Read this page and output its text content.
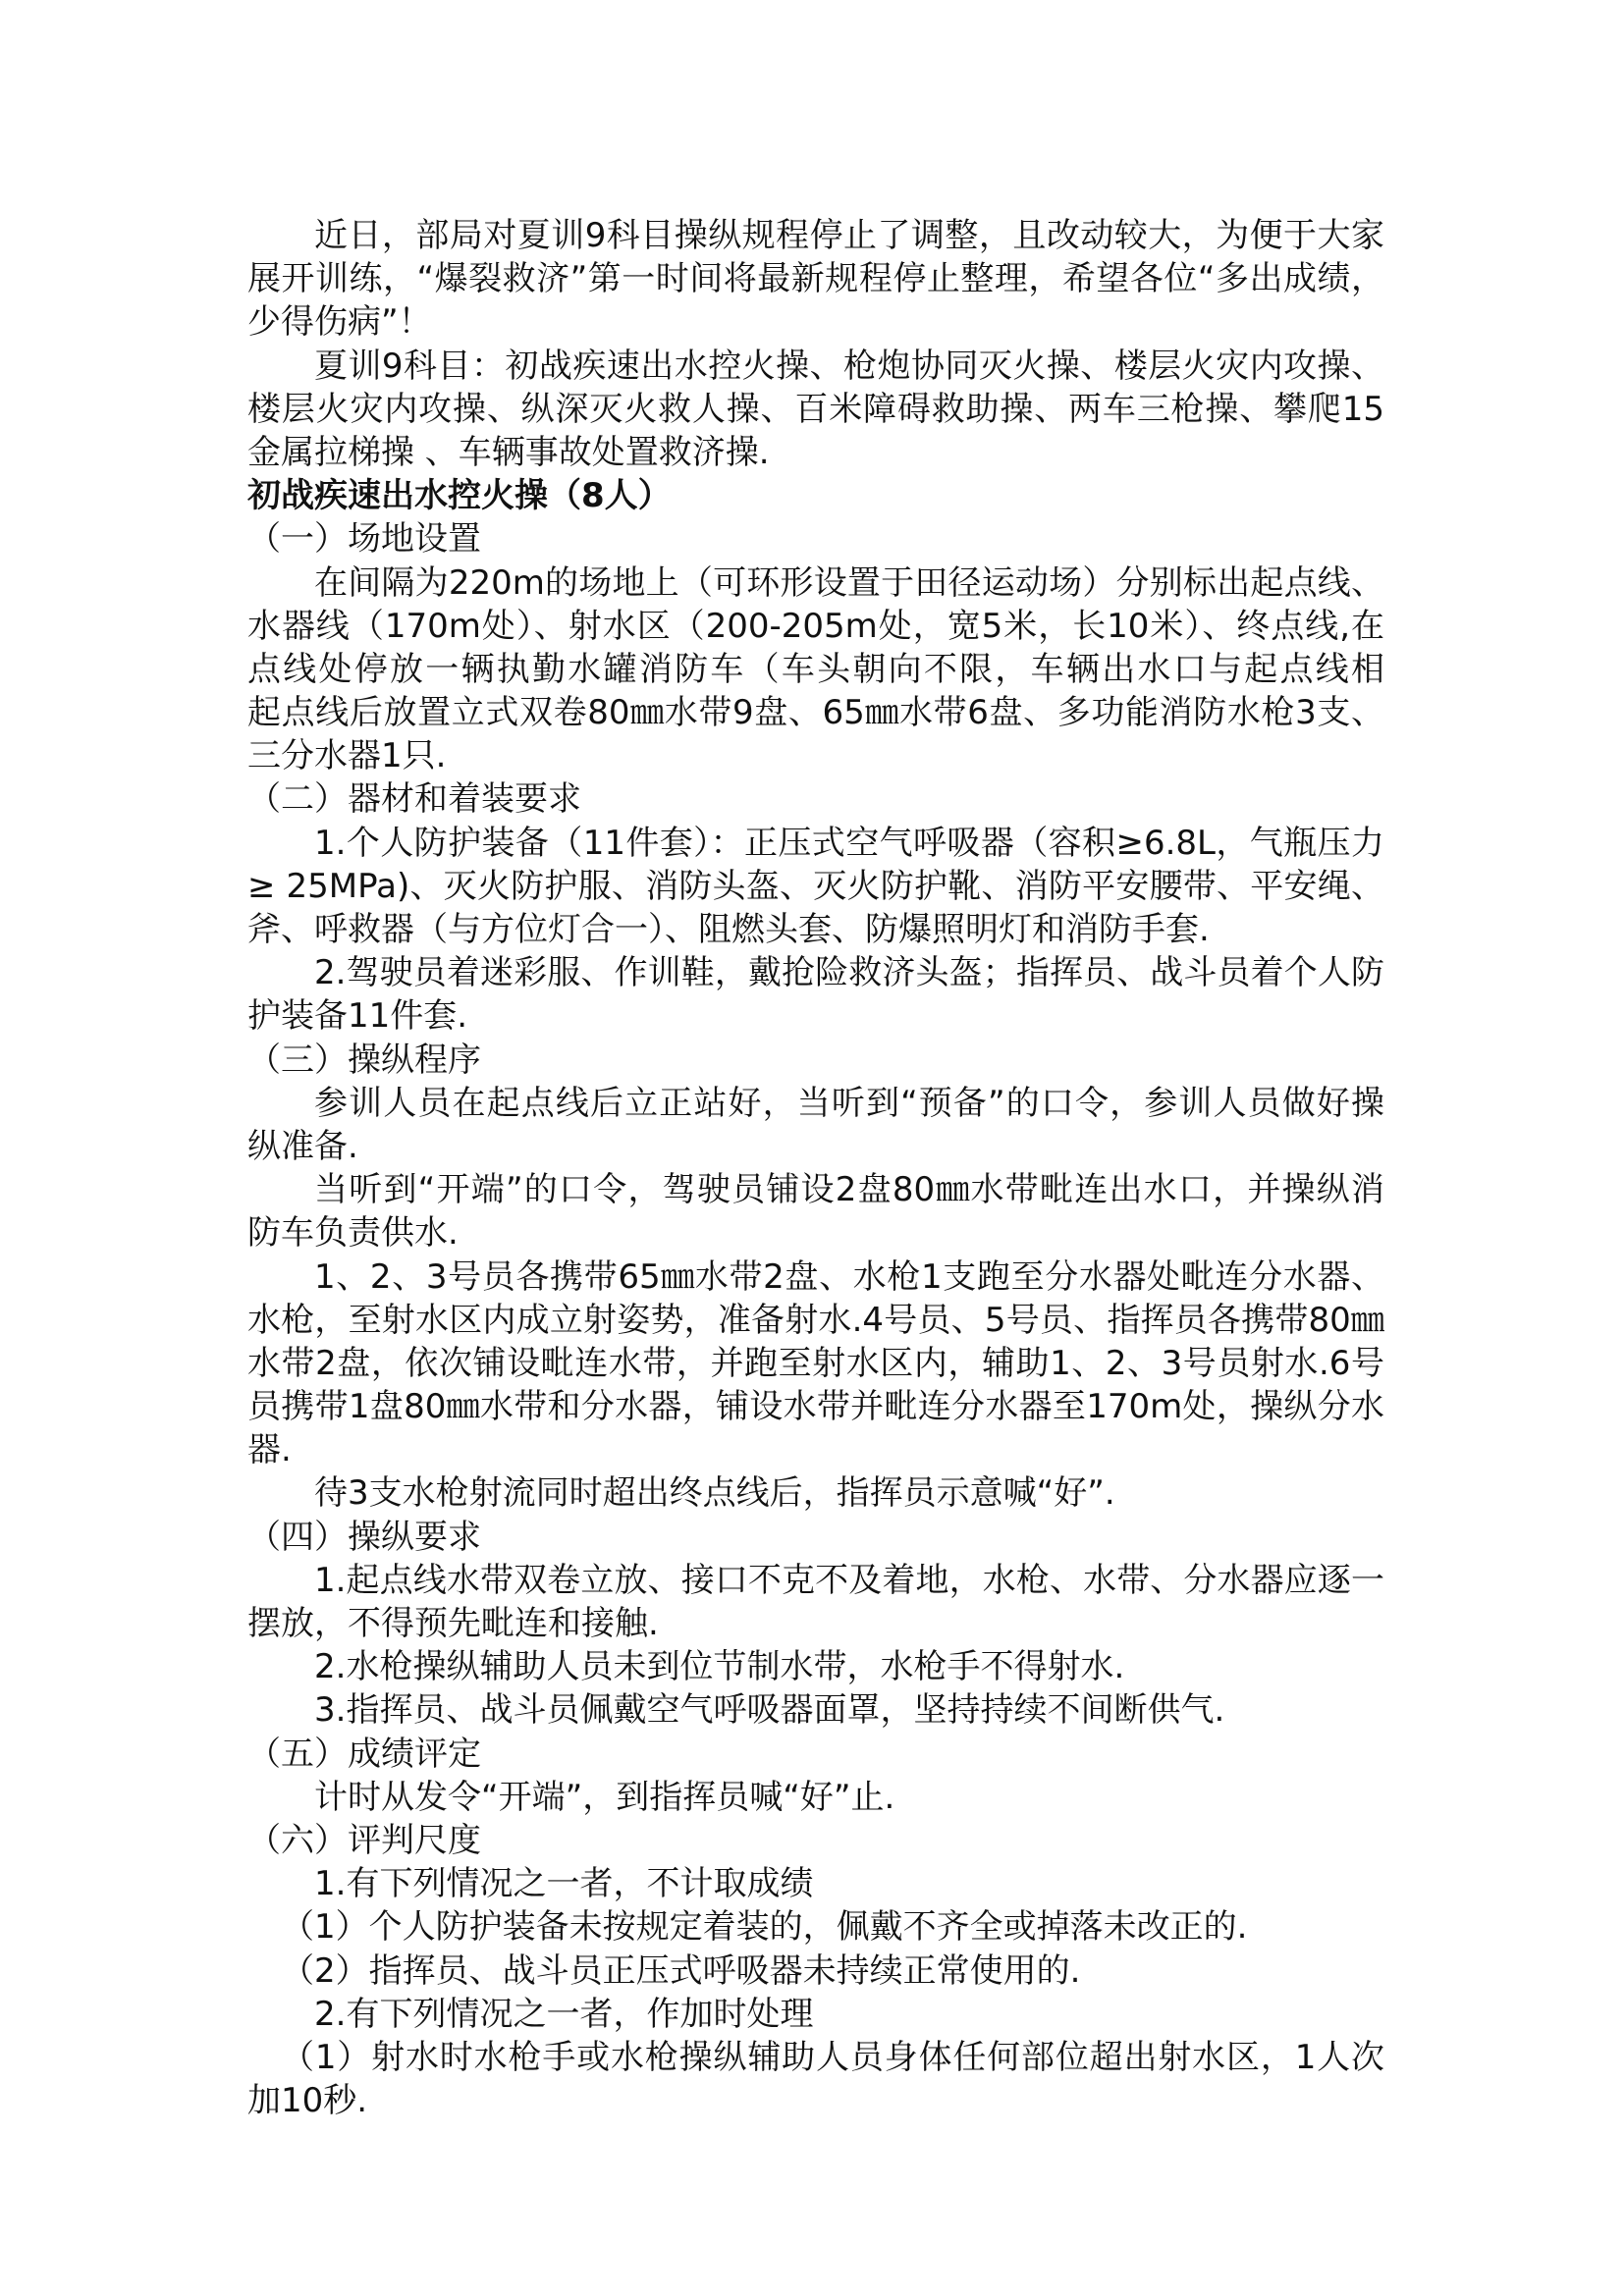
近日，部局对夏训9科目操纵规程停止了调整，且改动较大，为便于大家
展开训练，“爆裂救济”第一时间将最新规程停止整理，希望各位“多出成绩，
少得伤病”！
夏训9科目：初战疾速出水控火操、枪炮协同灭火操、楼层火灾内攻操、
楼层火灾内攻操、纵深灭火救人操、百米障碍救助操、两车三枪操、攀爬15
金属拉梯操 、车辆事故处置救济操.
初战疾速出水控火操（8人）
（一）场地设置
在间隔为220m的场地上（可环形设置于田径运动场）分别标出起点线、
水器线（170m处）、射水区（200-205m处，宽5米，长10米）、终点线,在
点线处停放一辆执勤水罐消防车（车头朝向不限，车辆出水口与起点线相
起点线后放置立式双卷80㎜水带9盘、65㎜水带6盘、多功能消防水枪3支、
三分水器1只.
（二）器材和着装要求
1.个人防护装备（11件套）：正压式空气呼吸器（容积≥6.8L，气瓶压力
≥ 25MPa)、灭火防护服、消防头盔、灭火防护靴、消防平安腰带、平安绳、
斧、呼救器（与方位灯合一）、阻燃头套、防爆照明灯和消防手套.
2.驾驶员着迷彩服、作训鞋，戴抢险救济头盔；指挥员、战斗员着个人防
护装备11件套.
（三）操纵程序
参训人员在起点线后立正站好，当听到“预备”的口令，参训人员做好操
纵准备.
当听到“开端”的口令，驾驶员铺设2盘80㎜水带毗连出水口，并操纵消
防车负责供水.
1、2、3号员各携带65㎜水带2盘、水枪1支跑至分水器处毗连分水器、
水枪，至射水区内成立射姿势，准备射水.4号员、5号员、指挥员各携带80㎜
水带2盘，依次铺设毗连水带，并跑至射水区内，辅助1、2、3号员射水.6号
员携带1盘80㎜水带和分水器，铺设水带并毗连分水器至170m处，操纵分水
器.
待3支水枪射流同时超出终点线后，指挥员示意喊“好”.
（四）操纵要求
1.起点线水带双卷立放、接口不克不及着地，水枪、水带、分水器应逐一
摆放，不得预先毗连和接触.
2.水枪操纵辅助人员未到位节制水带，水枪手不得射水.
3.指挥员、战斗员佩戴空气呼吸器面罩，坚持持续不间断供气.
（五）成绩评定
计时从发令“开端”，到指挥员喊“好”止.
（六）评判尺度
1.有下列情况之一者，不计取成绩
（1）个人防护装备未按规定着装的，佩戴不齐全或掉落未改正的.
（2）指挥员、战斗员正压式呼吸器未持续正常使用的.
2.有下列情况之一者，作加时处理
（1）射水时水枪手或水枪操纵辅助人员身体任何部位超出射水区，1人次
加10秒.
